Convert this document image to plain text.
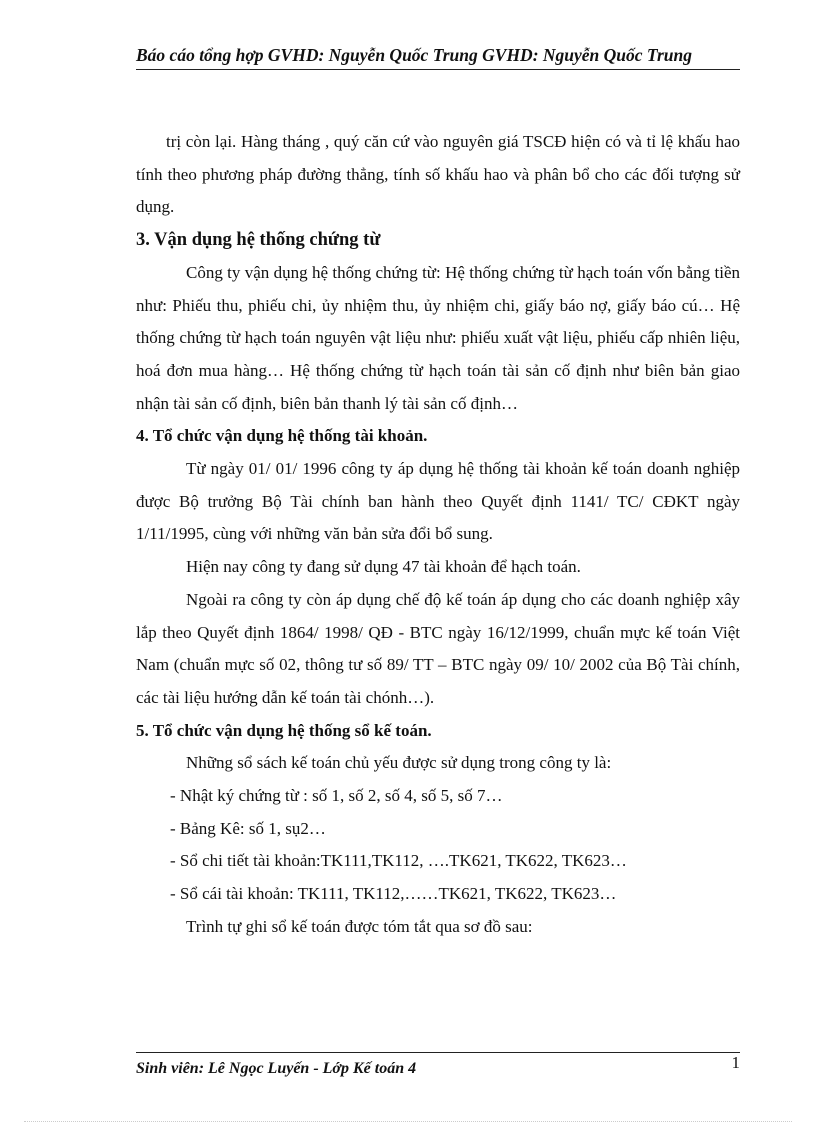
Báo cáo tổng hợp GVHD: Nguyễn Quốc Trung GVHD: Nguyễn Quốc Trung

trị còn lại. Hàng tháng , quý căn cứ vào nguyên giá TSCĐ hiện có và tỉ lệ khấu hao tính theo phương pháp đường thẳng, tính số khấu hao và phân bổ cho các đối tượng sử dụng.

3. Vận dụng hệ thống chứng từ

Công ty vận dụng hệ thống chứng từ: Hệ thống chứng từ hạch toán vốn bằng tiền như: Phiếu thu, phiếu chi, ủy nhiệm thu, ủy nhiệm chi, giấy báo nợ, giấy báo cú… Hệ thống chứng từ hạch toán nguyên vật liệu như: phiếu xuất vật liệu, phiếu cấp nhiên liệu, hoá đơn mua hàng… Hệ thống chứng từ hạch toán tài sản cố định như biên bản giao nhận tài sản cố định, biên bản thanh lý tài sản cố định…

4. Tổ chức vận dụng hệ thống tài khoản.

Từ ngày 01/ 01/ 1996 công ty áp dụng hệ thống tài khoản kế toán doanh nghiệp được Bộ trưởng Bộ Tài chính ban hành theo Quyết định 1141/ TC/ CĐKT ngày 1/11/1995, cùng với những văn bản sửa đổi bổ sung.

Hiện nay công ty đang sử dụng 47 tài khoản để hạch toán.

Ngoài ra công ty còn áp dụng chế độ kế toán áp dụng cho các doanh nghiệp xây lắp theo Quyết định 1864/ 1998/ QĐ - BTC ngày 16/12/1999, chuẩn mực kế toán Việt Nam (chuẩn mực số 02, thông tư số 89/ TT – BTC ngày 09/ 10/ 2002 của Bộ Tài chính, các tài liệu hướng dẫn kế toán tài chónh…).

5. Tổ chức vận dụng hệ thống sổ kế toán.

Những sổ sách kế toán chủ yếu được sử dụng trong công ty là:

- Nhật ký chứng từ : số 1, số 2, số 4, số 5, số 7…

- Bảng Kê: số 1, sụ2…

- Sổ chi tiết tài khoản:TK111,TK112, ….TK621, TK622, TK623…

- Sổ cái tài khoản: TK111, TK112,……TK621, TK622, TK623…

Trình tự ghi sổ kế toán được tóm tắt qua sơ đồ sau:

Sinh viên: Lê Ngọc Luyến - Lớp Kế toán 4	1
